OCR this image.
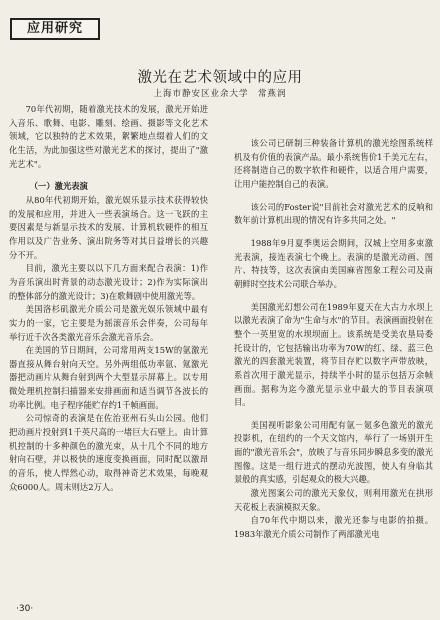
应用研究
激光在艺术领域中的应用
上海市静安区业余大学　常燕润

70年代初期，随着激光技术的发展，激光开始进入音乐、歌舞、电影、雕刻、绘画、摄影等文化艺术领域，它以独特的艺术效果，絮繁地点缀着人们的文化生活，为此加强这些对激光艺术的探讨，提出了"激光艺术"。

（一）激光表演

从80年代初期开始，激光娱乐显示技术获得较快的发展和应用，并进入一些表演场合。这一飞跃的主要因素是与新显示技术的发展、计算机软硬件的相互作用以及广告业务、演出院务等对其日益增长的兴趣分不开。

目前，激光主要以以下几方面来配合表演：1)作为音乐演出时背景的动态激光设计；2)作为实际演出的整体部分的激光设计；3)在歌舞剧中使用激光等。

美国洛杉矶激光介质公司是激光娱乐领域中最有实力的一家，它主要是为摇滚音乐会伴奏，公司每年举行近千次各类激光音乐会激光音乐会。

在美国的节日期间，公司常用两支15W的氩激光器直接从舞台射向天空。另外两组低功率氩、氪激光器把动画片从舞台射到两个大型显示屏幕上。以专用微处理机控制扫描器来安排画面和适当调节各波长的功率比例。电子程序能贮存约1千帧画面。

公司惊奇的表演是在佐治亚州石头山公园。他们把动画片投射到1千英尺高的一堵巨大石壁上。由计算机控制的十多种颜色的激光束，从十几个不同的地方射向石壁，并以极快的速度变换画面，同时配以激昂的音乐，使人悍然心动，取得神奇艺术效果，每晚观众6000人。周末则达2万人。

该公司已研制三种装备计算机的激光绘图系统样机及有价值的表演产品。最小系统售价1千美元左右，还将制造自己的数字软件和硬件，以适合用户需要，让用户能控制自己的表演。

该公司的Foster说"目前社会对激光艺术的反响和数年前计算机出现的情况有许多共同之处。"

1988年9月夏季奥运会期间，汉城上空用多束激光表演，接连表演七个晚上。表演的是激光动画、图片、特技等，这次表演由美国麻省图象工程公司及南朝鲜时空技术公司联合举办。

美国激光幻想公司在1989年夏天在大古力水坝上以激光表演了命为"生命与水"的节目。表演画面投射在整个一英里宽的水坝坝面上。该系统是受美农垦局委托设计的，它包括输出功率为70W的红、绿、蓝三色激光的四套激光装置，将节目存贮以数字声带放映，系首次用于激光显示，持续半小时的显示包括万余帧画面。据称为迄今激光显示业中最大的节目表演项目。

美国视听影象公司用配有氩－氪多色激光的激光投影机，在纽约的一个天文馆内，举行了一场别开生面的"激光音乐会"，放映了与音乐同步瞬息多变的激光图像。这是一组行进式的摆动光波图，使人有身临其景般的真实感，引起观众的极大兴趣。

激光图案公司的激光天象仪，则利用激光在拱形天花板上表演模拟天象。

自70年代中期以来，激光还参与电影的拍摄。1983年激光介质公司制作了两部激光电

·30·
